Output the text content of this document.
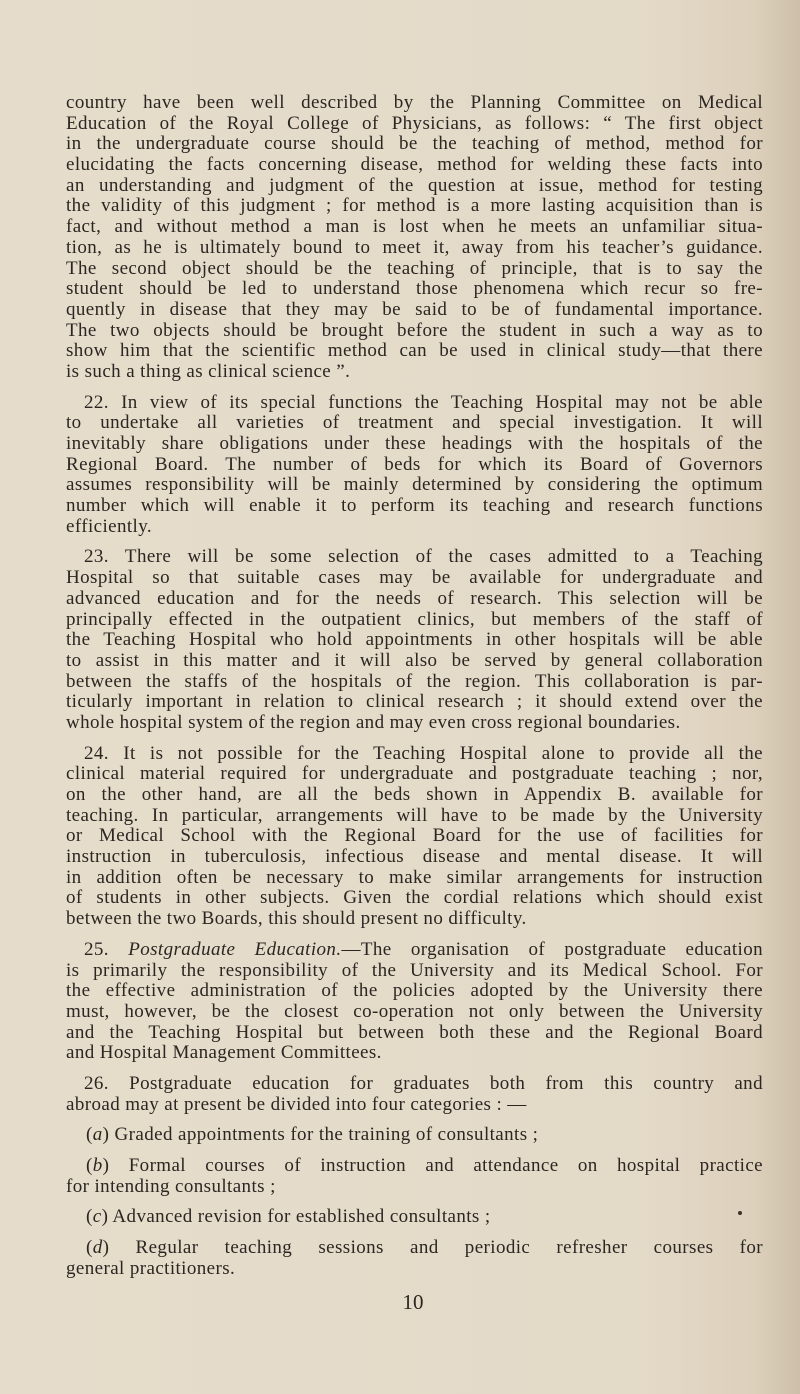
country have been well described by the Planning Committee on Medical
Education of the Royal College of Physicians, as follows: “ The first object
in the undergraduate course should be the teaching of method, method for
elucidating the facts concerning disease, method for welding these facts into
an understanding and judgment of the question at issue, method for testing
the validity of this judgment ; for method is a more lasting acquisition than is
fact, and without method a man is lost when he meets an unfamiliar situa-
tion, as he is ultimately bound to meet it, away from his teacher’s guidance.
The second object should be the teaching of principle, that is to say the
student should be led to understand those phenomena which recur so fre-
quently in disease that they may be said to be of fundamental importance.
The two objects should be brought before the student in such a way as to
show him that the scientific method can be used in clinical study—that there
is such a thing as clinical science ”.
22. In view of its special functions the Teaching Hospital may not be able
to undertake all varieties of treatment and special investigation. It will
inevitably share obligations under these headings with the hospitals of the
Regional Board. The number of beds for which its Board of Governors
assumes responsibility will be mainly determined by considering the optimum
number which will enable it to perform its teaching and research functions
efficiently.
23. There will be some selection of the cases admitted to a Teaching
Hospital so that suitable cases may be available for undergraduate and
advanced education and for the needs of research. This selection will be
principally effected in the outpatient clinics, but members of the staff of
the Teaching Hospital who hold appointments in other hospitals will be able
to assist in this matter and it will also be served by general collaboration
between the staffs of the hospitals of the region. This collaboration is par-
ticularly important in relation to clinical research ; it should extend over the
whole hospital system of the region and may even cross regional boundaries.
24. It is not possible for the Teaching Hospital alone to provide all the
clinical material required for undergraduate and postgraduate teaching ; nor,
on the other hand, are all the beds shown in Appendix B. available for
teaching. In particular, arrangements will have to be made by the University
or Medical School with the Regional Board for the use of facilities for
instruction in tuberculosis, infectious disease and mental disease. It will
in addition often be necessary to make similar arrangements for instruction
of students in other subjects. Given the cordial relations which should exist
between the two Boards, this should present no difficulty.
25. Postgraduate Education.—The organisation of postgraduate education
is primarily the responsibility of the University and its Medical School. For
the effective administration of the policies adopted by the University there
must, however, be the closest co-operation not only between the University
and the Teaching Hospital but between both these and the Regional Board
and Hospital Management Committees.
26. Postgraduate education for graduates both from this country and
abroad may at present be divided into four categories : —
(a) Graded appointments for the training of consultants ;
(b) Formal courses of instruction and attendance on hospital practice
for intending consultants ;
(c) Advanced revision for established consultants ;
(d) Regular teaching sessions and periodic refresher courses for
general practitioners.
10
